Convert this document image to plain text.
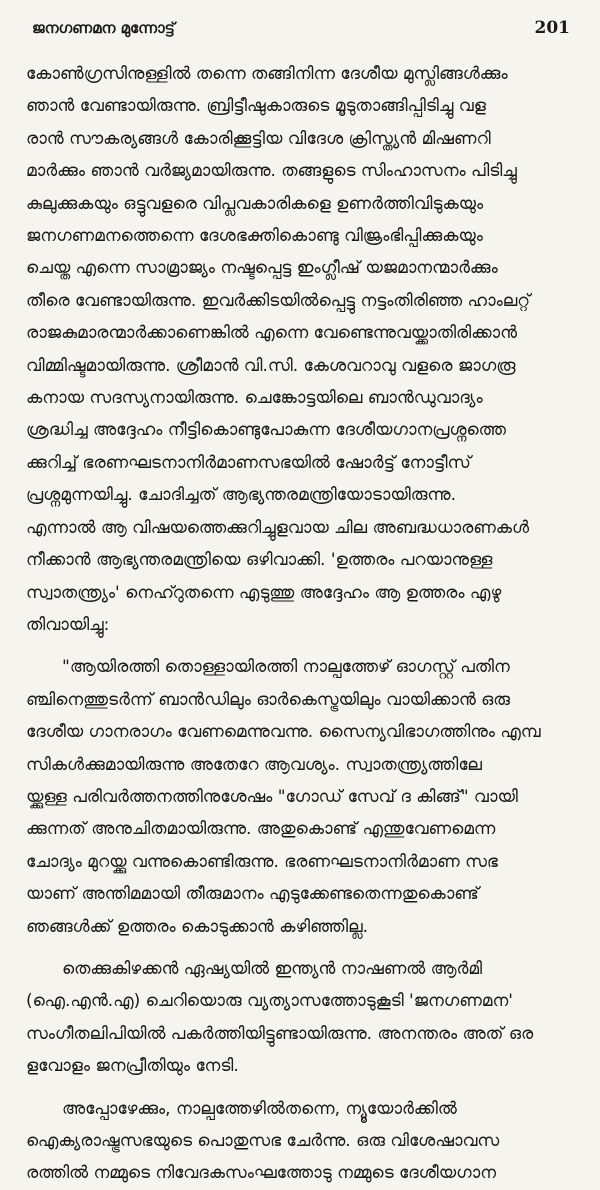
ജനഗണമന മുന്നോട്ട്	201

കോൺഗ്രസിനുള്ളിൽ തന്നെ തങ്ങിനിന്ന ദേശീയ മുസ്ലിങ്ങൾക്കും
ഞാൻ വേണ്ടായിരുന്നു. ബ്രിട്ടീഷുകാരുടെ മൂടുതാങ്ങിപ്പിടിച്ചു വള
രാൻ സൗകര്യങ്ങൾ കോരിക്കൂട്ടിയ വിദേശ ക്രിസ്ത്യൻ മിഷണറി
മാർക്കും ഞാൻ വർജ്യമായിരുന്നു. തങ്ങളുടെ സിംഹാസനം പിടിച്ചു
കുലുക്കുകയും ഒട്ടുവളരെ വിപ്ലവകാരികളെ ഉണർത്തിവിടുകയും
ജനഗണമനത്തെന്നെ ദേശഭക്തികൊണ്ടു വിജ്രംഭിപ്പിക്കുകയും
ചെയ്ത എന്നെ സാമ്രാജ്യം നഷ്ടപ്പെട്ട ഇംഗ്ലീഷ് യജമാനന്മാർക്കും
തീരെ വേണ്ടായിരുന്നു. ഇവർക്കിടയിൽപ്പെട്ടു നട്ടംതിരിഞ്ഞ ഹാംലറ്റ്
രാജകുമാരന്മാർക്കാണെങ്കിൽ എന്നെ വേണ്ടെന്നുവയ്ക്കാതിരിക്കാൻ
വിമ്മിഷ്ടമായിരുന്നു. ശ്രീമാൻ വി.സി. കേശവറാവു വളരെ ജാഗരൂ
കനായ സദസ്യനായിരുന്നു. ചെങ്കോട്ടയിലെ ബാൻഡുവാദ്യം
ശ്രദ്ധിച്ച അദ്ദേഹം നീട്ടികൊണ്ടുപോകുന്ന ദേശീയഗാനപ്രശ്നത്തെ
ക്കുറിച്ച് ഭരണഘടനാനിർമാണസഭയിൽ ഷോർട്ട് നോട്ടീസ്
പ്രശ്നമുന്നയിച്ചു. ചോദിച്ചത് ആഭ്യന്തരമന്ത്രിയോടായിരുന്നു.
എന്നാൽ ആ വിഷയത്തെക്കുറിച്ചുളവായ ചില അബദ്ധധാരണകൾ
നീക്കാൻ ആഭ്യന്തരമന്ത്രിയെ ഒഴിവാക്കി. 'ഉത്തരം പറയാനുള്ള
സ്വാതന്ത്ര്യം' നെഹ്റുതന്നെ എടുത്തു അദ്ദേഹം ആ ഉത്തരം എഴു
തിവായിച്ചു:

"ആയിരത്തി തൊള്ളായിരത്തി നാല്പത്തേഴ് ഓഗസ്റ്റ് പതിന
ഞ്ചിനെത്തുടർന്ന് ബാൻഡിലും ഓർകെസ്ട്രയിലും വായിക്കാൻ ഒരു
ദേശീയ ഗാനരാഗം വേണമെന്നുവന്നു. സൈന്യവിഭാഗത്തിനും എമ്പ
സികൾക്കുമായിരുന്നു അതേറേ ആവശ്യം. സ്വാതന്ത്ര്യത്തിലേ
യ്ക്കുള്ള പരിവർത്തനത്തിനുശേഷം "ഗോഡ് സേവ് ദ കിങ്ങ്" വായി
ക്കുന്നത് അനുചിതമായിരുന്നു. അതുകൊണ്ട് എന്തുവേണമെന്ന
ചോദ്യം മുറയ്ക്കു വന്നുകൊണ്ടിരുന്നു. ഭരണഘടനാനിർമാണ സഭ
യാണ് അന്തിമമായി തീരുമാനം എടുക്കേണ്ടതെന്നതുകൊണ്ട്
ഞങ്ങൾക്ക് ഉത്തരം കൊടുക്കാൻ കഴിഞ്ഞില്ല.

തെക്കുകിഴക്കൻ ഏഷ്യയിൽ ഇന്ത്യൻ നാഷണൽ ആർമി
(ഐ.എൻ.എ) ചെറിയൊരു വ്യത്യാസത്തോടുകൂടി 'ജനഗണമന'
സംഗീതലിപിയിൽ പകർത്തിയിട്ടുണ്ടായിരുന്നു. അനന്തരം അത് ഒര
ളവോളം ജനപ്രീതിയും നേടി.

അപ്പോഴേക്കും, നാല്പത്തേഴിൽതന്നെ, ന്യൂയോർക്കിൽ
ഐക്യരാഷ്ട്രസഭയുടെ പൊതുസഭ ചേർന്നു. ഒരു വിശേഷാവസ
രത്തിൽ നമ്മുടെ നിവേദകസംഘത്തോടു നമ്മുടെ ദേശീയഗാന
